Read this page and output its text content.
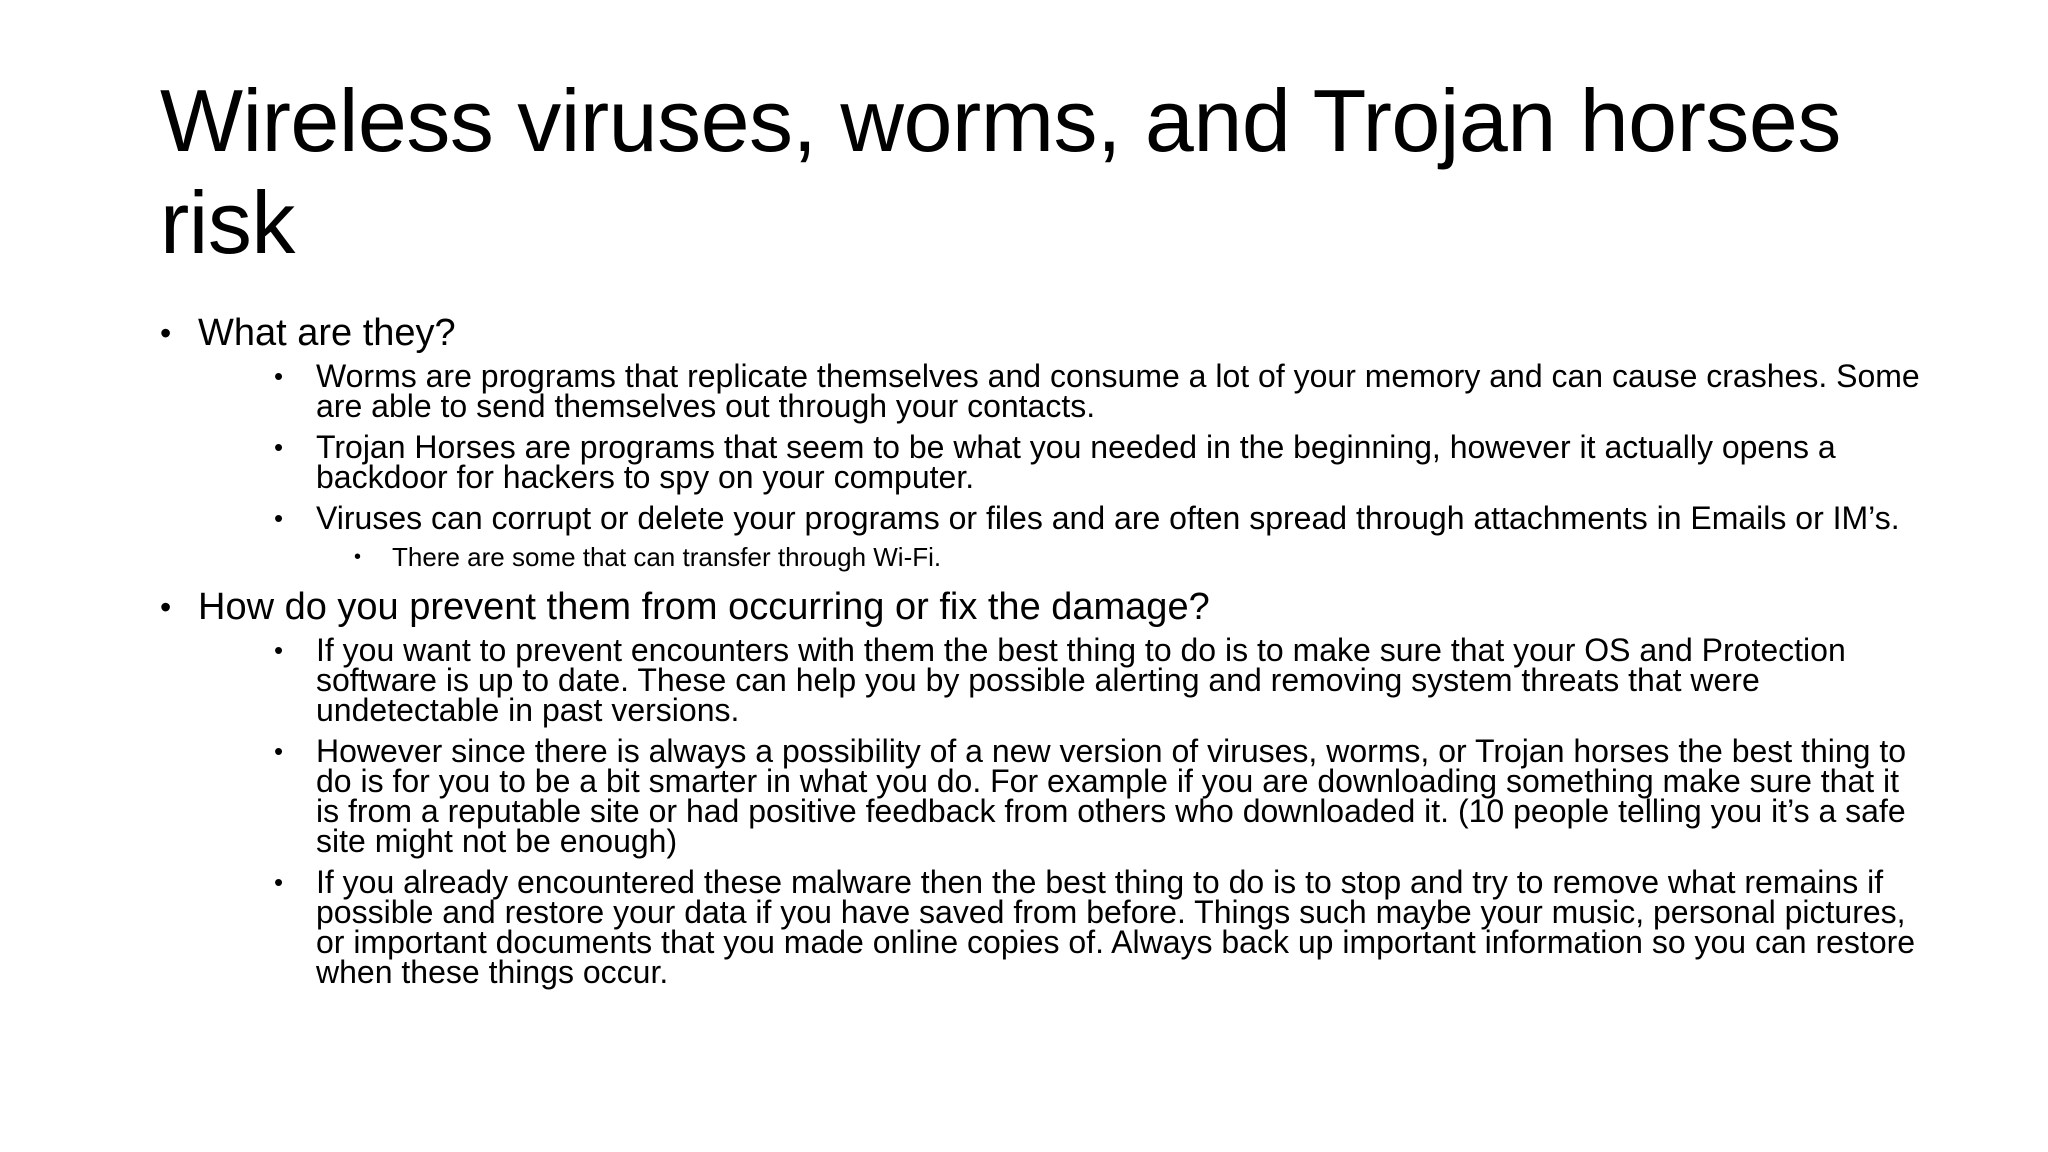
Wireless viruses, worms, and Trojan horses risk
• What are they?
• Worms are programs that replicate themselves and consume a lot of your memory and can cause crashes. Some are able to send themselves out through your contacts.
• Trojan Horses are programs that seem to be what you needed in the beginning, however it actually opens a backdoor for hackers to spy on your computer.
• Viruses can corrupt or delete your programs or files and are often spread through attachments in Emails or IM’s.
• There are some that can transfer through Wi-Fi.
• How do you prevent them from occurring or fix the damage?
• If you want to prevent encounters with them the best thing to do is to make sure that your OS and Protection software is up to date. These can help you by possible alerting and removing system threats that were undetectable in past versions.
• However since there is always a possibility of a new version of viruses, worms, or Trojan horses the best thing to do is for you to be a bit smarter in what you do. For example if you are downloading something make sure that it is from a reputable site or had positive feedback from others who downloaded it. (10 people telling you it’s a safe site might not be enough)
• If you already encountered these malware then the best thing to do is to stop and try to remove what remains if possible and restore your data if you have saved from before. Things such maybe your music, personal pictures, or important documents that you made online copies of. Always back up important information so you can restore when these things occur.
